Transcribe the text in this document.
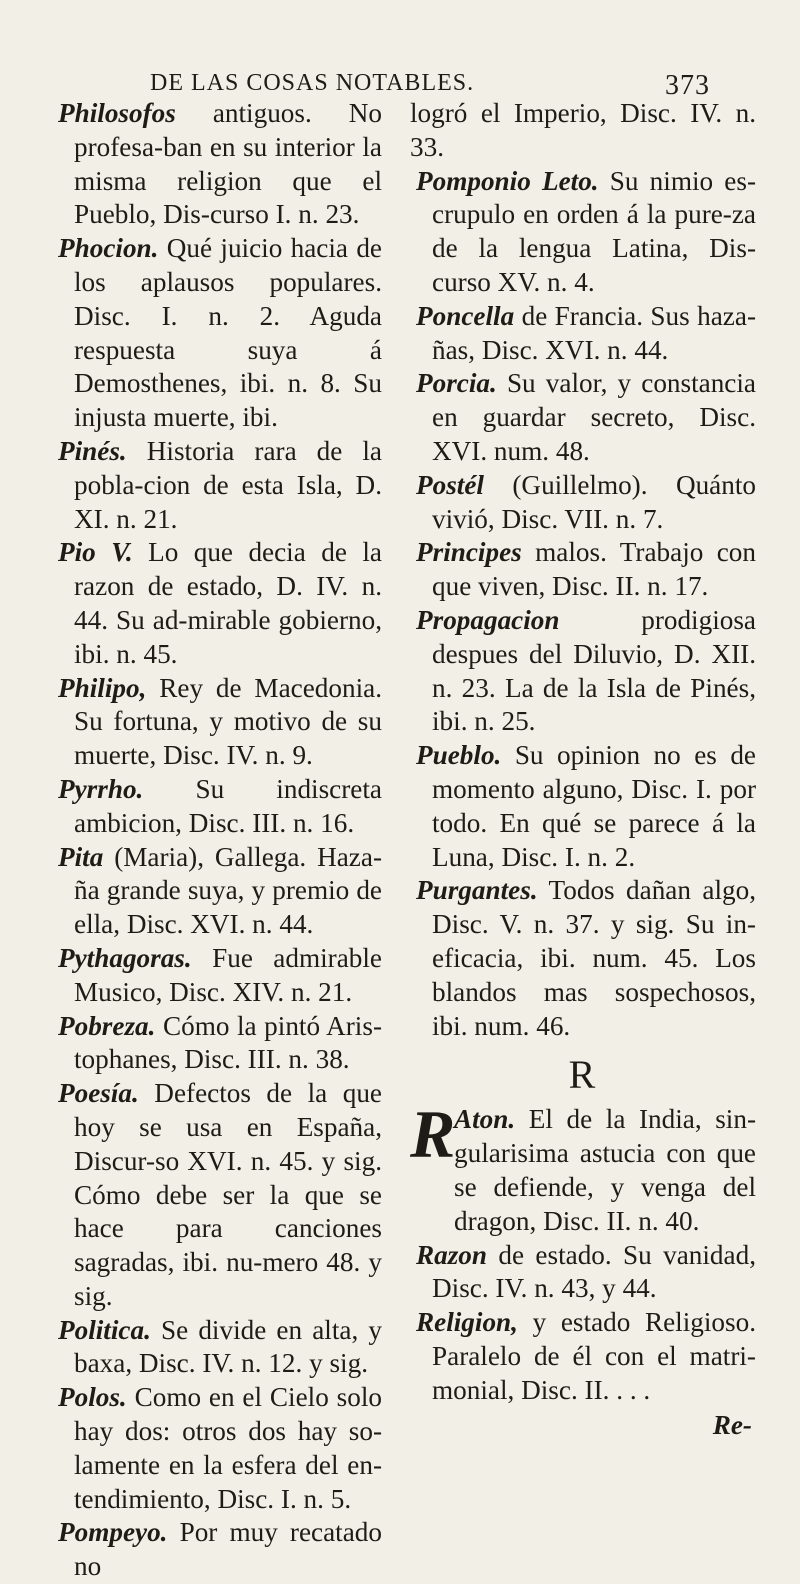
DE LAS COSAS NOTABLES.	373

Philosofos antiguos. No profesa-ban en su interior la misma religion que el Pueblo, Dis-curso I. n. 23.

Phocion. Qué juicio hacia de los aplausos populares. Disc. I. n. 2. Aguda respuesta suya á Demosthenes, ibi. n. 8. Su injusta muerte, ibi.

Pinés. Historia rara de la pobla-cion de esta Isla, D. XI. n. 21.

Pio V. Lo que decia de la razon de estado, D. IV. n. 44. Su ad-mirable gobierno, ibi. n. 45.

Philipo, Rey de Macedonia. Su fortuna, y motivo de su muerte, Disc. IV. n. 9.

Pyrrho. Su indiscreta ambicion, Disc. III. n. 16.

Pita (Maria), Gallega. Haza-ña grande suya, y premio de ella, Disc. XVI. n. 44.

Pythagoras. Fue admirable Musico, Disc. XIV. n. 21.

Pobreza. Cómo la pintó Aris-tophanes, Disc. III. n. 38.

Poesía. Defectos de la que hoy se usa en España, Discur-so XVI. n. 45. y sig. Cómo debe ser la que se hace para canciones sagradas, ibi. nu-mero 48. y sig.

Politica. Se divide en alta, y baxa, Disc. IV. n. 12. y sig.

Polos. Como en el Cielo solo hay dos: otros dos hay so-lamente en la esfera del en-tendimiento, Disc. I. n. 5.

Pompeyo. Por muy recatado no

logró el Imperio, Disc. IV. n. 33.

Pomponio Leto. Su nimio es-crupulo en orden á la pure-za de la lengua Latina, Dis-curso XV. n. 4.

Poncella de Francia. Sus haza-ñas, Disc. XVI. n. 44.

Porcia. Su valor, y constancia en guardar secreto, Disc. XVI. num. 48.

Postél (Guillelmo). Quánto vivió, Disc. VII. n. 7.

Principes malos. Trabajo con que viven, Disc. II. n. 17.

Propagacion prodigiosa despues del Diluvio, D. XII. n. 23. La de la Isla de Pinés, ibi. n. 25.

Pueblo. Su opinion no es de momento alguno, Disc. I. por todo. En qué se parece á la Luna, Disc. I. n. 2.

Purgantes. Todos dañan algo, Disc. V. n. 37. y sig. Su in-eficacia, ibi. num. 45. Los blandos mas sospechosos, ibi. num. 46.

R

R
Aton. El de la India, sin-gularisima astucia con que se defiende, y venga del dragon, Disc. II. n. 40.

Razon de estado. Su vanidad, Disc. IV. n. 43, y 44.

Religion, y estado Religioso. Paralelo de él con el matri-monial, Disc. II. . . .

Re-
